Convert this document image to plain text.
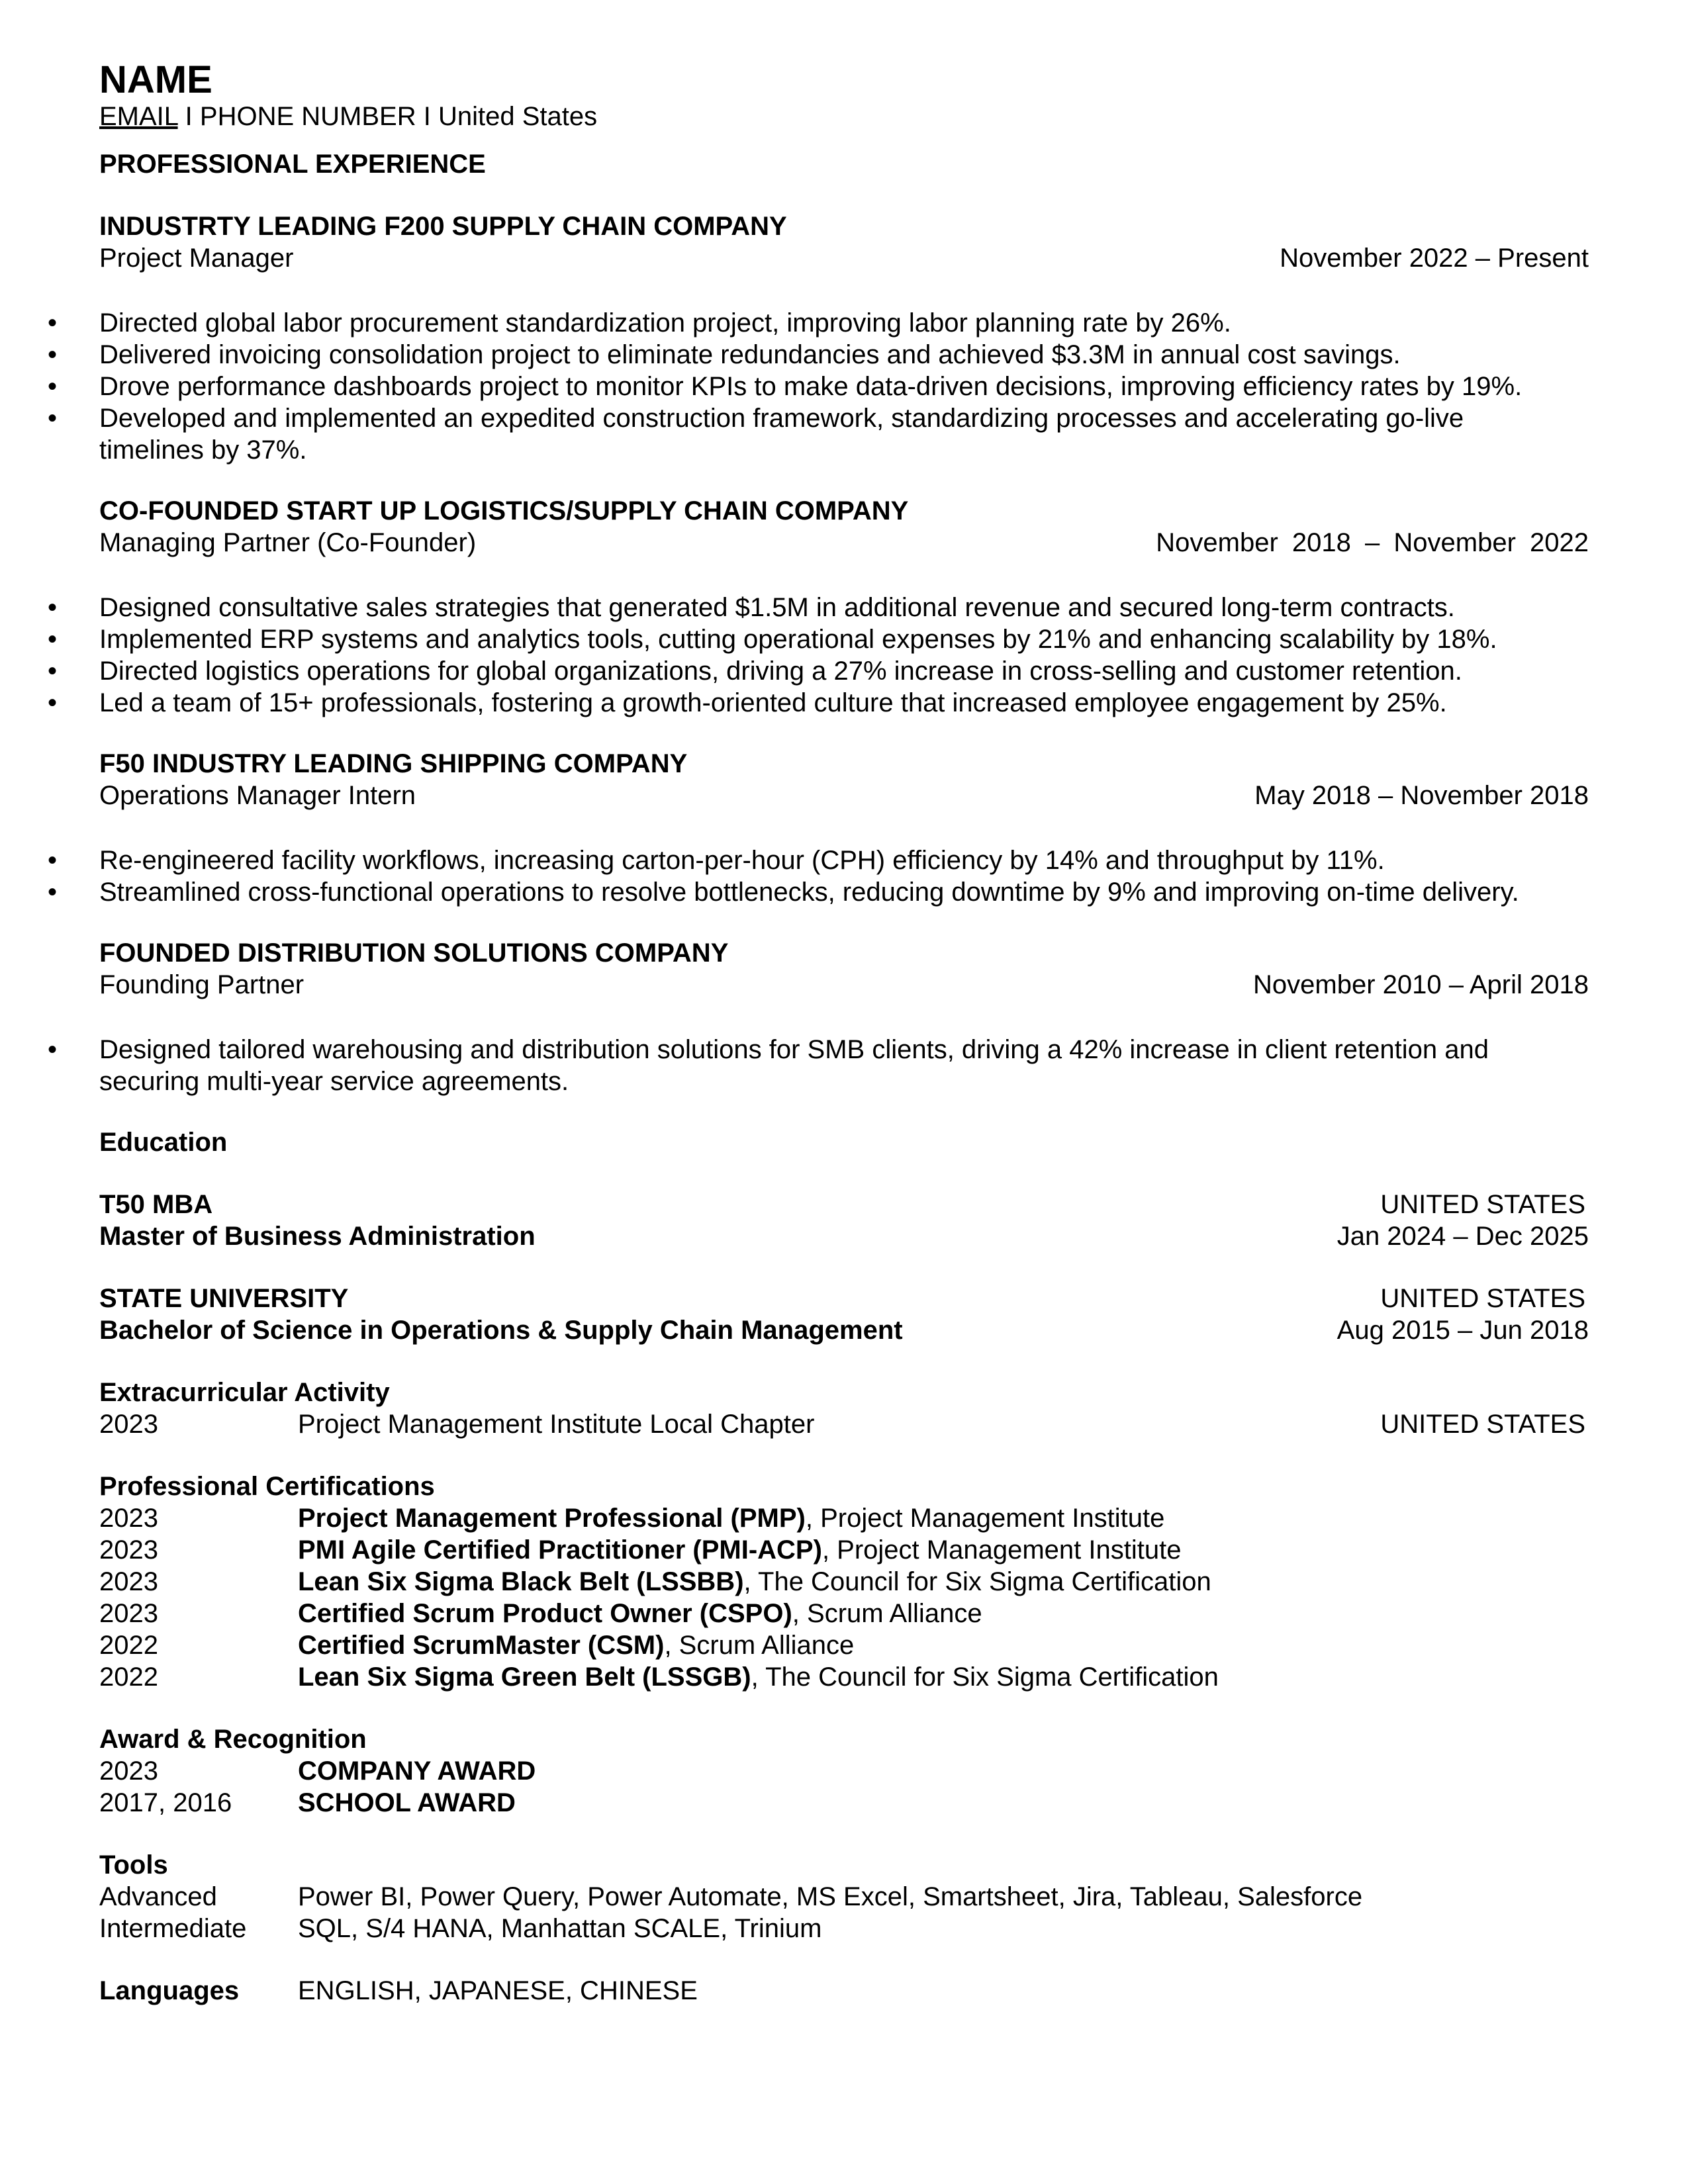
NAME
EMAIL I PHONE NUMBER I United States
PROFESSIONAL EXPERIENCE
INDUSTRTY LEADING F200 SUPPLY CHAIN COMPANY
Project Manager	November 2022 – Present
• Directed global labor procurement standardization project, improving labor planning rate by 26%.
• Delivered invoicing consolidation project to eliminate redundancies and achieved $3.3M in annual cost savings.
• Drove performance dashboards project to monitor KPIs to make data-driven decisions, improving efficiency rates by 19%.
• Developed and implemented an expedited construction framework, standardizing processes and accelerating go-live timelines by 37%.
CO-FOUNDED START UP LOGISTICS/SUPPLY CHAIN COMPANY
Managing Partner (Co-Founder)	November 2018 – November 2022
• Designed consultative sales strategies that generated $1.5M in additional revenue and secured long-term contracts.
• Implemented ERP systems and analytics tools, cutting operational expenses by 21% and enhancing scalability by 18%.
• Directed logistics operations for global organizations, driving a 27% increase in cross-selling and customer retention.
• Led a team of 15+ professionals, fostering a growth-oriented culture that increased employee engagement by 25%.
F50 INDUSTRY LEADING SHIPPING COMPANY
Operations Manager Intern	May 2018 – November 2018
• Re-engineered facility workflows, increasing carton-per-hour (CPH) efficiency by 14% and throughput by 11%.
• Streamlined cross-functional operations to resolve bottlenecks, reducing downtime by 9% and improving on-time delivery.
FOUNDED DISTRIBUTION SOLUTIONS COMPANY
Founding Partner	November 2010 – April 2018
• Designed tailored warehousing and distribution solutions for SMB clients, driving a 42% increase in client retention and securing multi-year service agreements.
Education
T50 MBA	UNITED STATES
Master of Business Administration	Jan 2024 – Dec 2025
STATE UNIVERSITY	UNITED STATES
Bachelor of Science in Operations & Supply Chain Management	Aug 2015 – Jun 2018
Extracurricular Activity
2023	Project Management Institute Local Chapter	UNITED STATES
Professional Certifications
2023	Project Management Professional (PMP), Project Management Institute
2023	PMI Agile Certified Practitioner (PMI-ACP), Project Management Institute
2023	Lean Six Sigma Black Belt (LSSBB), The Council for Six Sigma Certification
2023	Certified Scrum Product Owner (CSPO), Scrum Alliance
2022	Certified ScrumMaster (CSM), Scrum Alliance
2022	Lean Six Sigma Green Belt (LSSGB), The Council for Six Sigma Certification
Award & Recognition
2023	COMPANY AWARD
2017, 2016	SCHOOL AWARD
Tools
Advanced	Power BI, Power Query, Power Automate, MS Excel, Smartsheet, Jira, Tableau, Salesforce
Intermediate	SQL, S/4 HANA, Manhattan SCALE, Trinium
Languages	ENGLISH, JAPANESE, CHINESE
